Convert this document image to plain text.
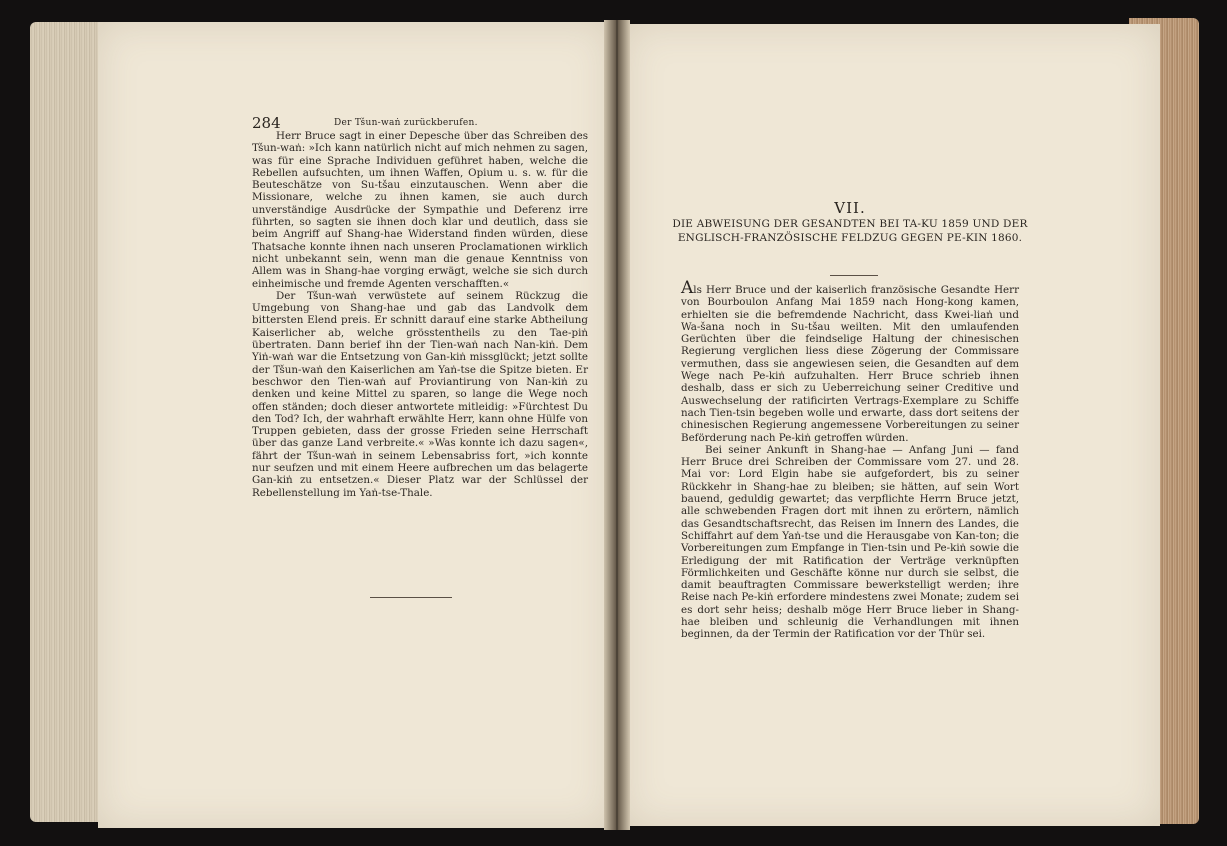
284	Der Tšun-waṅ zurückberufen.

Herr Bruce sagt in einer Depesche über das Schreiben des Tšun-waṅ: »Ich kann natürlich nicht auf mich nehmen zu sagen, was für eine Sprache Individuen geführet haben, welche die Rebellen aufsuchten, um ihnen Waffen, Opium u. s. w. für die Beuteschätze von Su-tšau einzutauschen. Wenn aber die Missionare, welche zu ihnen kamen, sie auch durch unverständige Ausdrücke der Sympathie und Deferenz irre führten, so sagten sie ihnen doch klar und deutlich, dass sie beim Angriff auf Shang-hae Widerstand finden würden, diese Thatsache konnte ihnen nach unseren Proclamationen wirklich nicht unbekannt sein, wenn man die genaue Kenntniss von Allem was in Shang-hae vorging erwägt, welche sie sich durch einheimische und fremde Agenten verschafften.«

Der Tšun-waṅ verwüstete auf seinem Rückzug die Umgebung von Shang-hae und gab das Landvolk dem bittersten Elend preis. Er schnitt darauf eine starke Abtheilung Kaiserlicher ab, welche grösstentheils zu den Tae-piṅ übertraten. Dann berief ihn der Tien-waṅ nach Nan-kiṅ. Dem Yiṅ-waṅ war die Entsetzung von Gan-kiṅ missglückt; jetzt sollte der Tšun-waṅ den Kaiserlichen am Yaṅ-tse die Spitze bieten. Er beschwor den Tien-waṅ auf Proviantirung von Nan-kiṅ zu denken und keine Mittel zu sparen, so lange die Wege noch offen ständen; doch dieser antwortete mitleidig: »Fürchtest Du den Tod? Ich, der wahrhaft erwählte Herr, kann ohne Hülfe von Truppen gebieten, dass der grosse Frieden seine Herrschaft über das ganze Land verbreite.« »Was konnte ich dazu sagen«, fährt der Tšun-waṅ in seinem Lebensabriss fort, »ich konnte nur seufzen und mit einem Heere aufbrechen um das belagerte Gan-kiṅ zu entsetzen.« Dieser Platz war der Schlüssel der Rebellenstellung im Yaṅ-tse-Thale.

VII.
DIE ABWEISUNG DER GESANDTEN BEI TA-KU 1859 UND DER ENGLISCH-FRANZÖSISCHE FELDZUG GEGEN PE-KIN 1860.

Als Herr Bruce und der kaiserlich französische Gesandte Herr von Bourboulon Anfang Mai 1859 nach Hong-kong kamen, erhielten sie die befremdende Nachricht, dass Kwei-liaṅ und Wa-šana noch in Su-tšau weilten. Mit den umlaufenden Gerüchten über die feindselige Haltung der chinesischen Regierung verglichen liess diese Zögerung der Commissare vermuthen, dass sie angewiesen seien, die Gesandten auf dem Wege nach Pe-kiṅ aufzuhalten. Herr Bruce schrieb ihnen deshalb, dass er sich zu Ueberreichung seiner Creditive und Auswechselung der ratificirten Vertrags-Exemplare zu Schiffe nach Tien-tsin begeben wolle und erwarte, dass dort seitens der chinesischen Regierung angemessene Vorbereitungen zu seiner Beförderung nach Pe-kiṅ getroffen würden.

Bei seiner Ankunft in Shang-hae — Anfang Juni — fand Herr Bruce drei Schreiben der Commissare vom 27. und 28. Mai vor: Lord Elgin habe sie aufgefordert, bis zu seiner Rückkehr in Shang-hae zu bleiben; sie hätten, auf sein Wort bauend, geduldig gewartet; das verpflichte Herrn Bruce jetzt, alle schwebenden Fragen dort mit ihnen zu erörtern, nämlich das Gesandtschaftsrecht, das Reisen im Innern des Landes, die Schiffahrt auf dem Yaṅ-tse und die Herausgabe von Kan-ton; die Vorbereitungen zum Empfange in Tien-tsin und Pe-kiṅ sowie die Erledigung der mit Ratification der Verträge verknüpften Förmlichkeiten und Geschäfte könne nur durch sie selbst, die damit beauftragten Commissare bewerkstelligt werden; ihre Reise nach Pe-kiṅ erfordere mindestens zwei Monate; zudem sei es dort sehr heiss; deshalb möge Herr Bruce lieber in Shang-hae bleiben und schleunig die Verhandlungen mit ihnen beginnen, da der Termin der Ratification vor der Thür sei.
